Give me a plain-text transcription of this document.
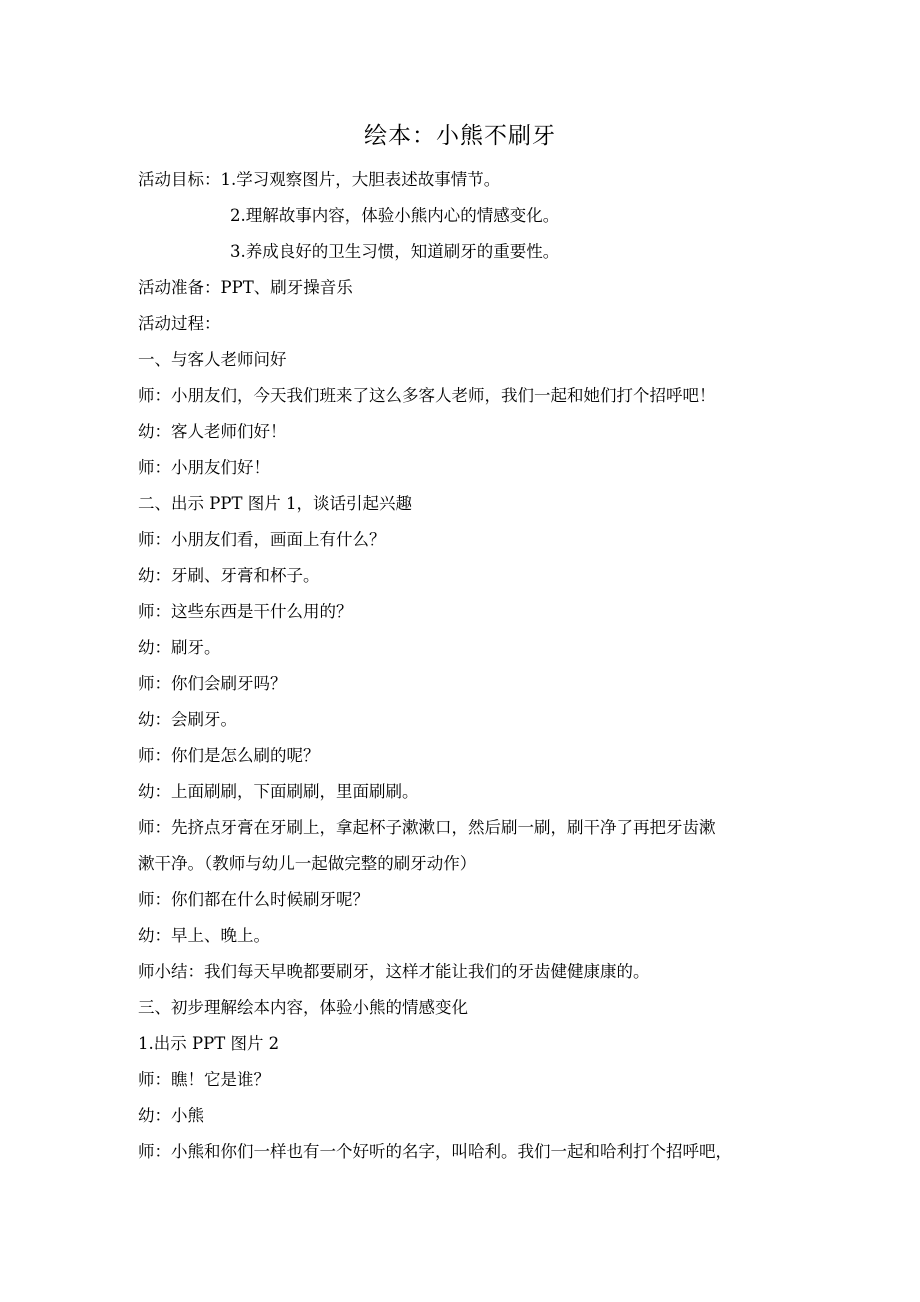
绘本：小熊不刷牙
活动目标：1.学习观察图片，大胆表述故事情节。
2.理解故事内容，体验小熊内心的情感变化。
3.养成良好的卫生习惯，知道刷牙的重要性。
活动准备：PPT、刷牙操音乐
活动过程：
一、与客人老师问好
师：小朋友们，今天我们班来了这么多客人老师，我们一起和她们打个招呼吧！
幼：客人老师们好！
师：小朋友们好！
二、出示 PPT 图片 1，谈话引起兴趣
师：小朋友们看，画面上有什么？
幼：牙刷、牙膏和杯子。
师：这些东西是干什么用的？
幼：刷牙。
师：你们会刷牙吗？
幼：会刷牙。
师：你们是怎么刷的呢？
幼：上面刷刷，下面刷刷，里面刷刷。
师：先挤点牙膏在牙刷上，拿起杯子漱漱口，然后刷一刷，刷干净了再把牙齿漱
漱干净。（教师与幼儿一起做完整的刷牙动作）
师：你们都在什么时候刷牙呢？
幼：早上、晚上。
师小结：我们每天早晚都要刷牙，这样才能让我们的牙齿健健康康的。
三、初步理解绘本内容，体验小熊的情感变化
1.出示 PPT 图片 2
师：瞧！它是谁？
幼：小熊
师：小熊和你们一样也有一个好听的名字，叫哈利。我们一起和哈利打个招呼吧，
